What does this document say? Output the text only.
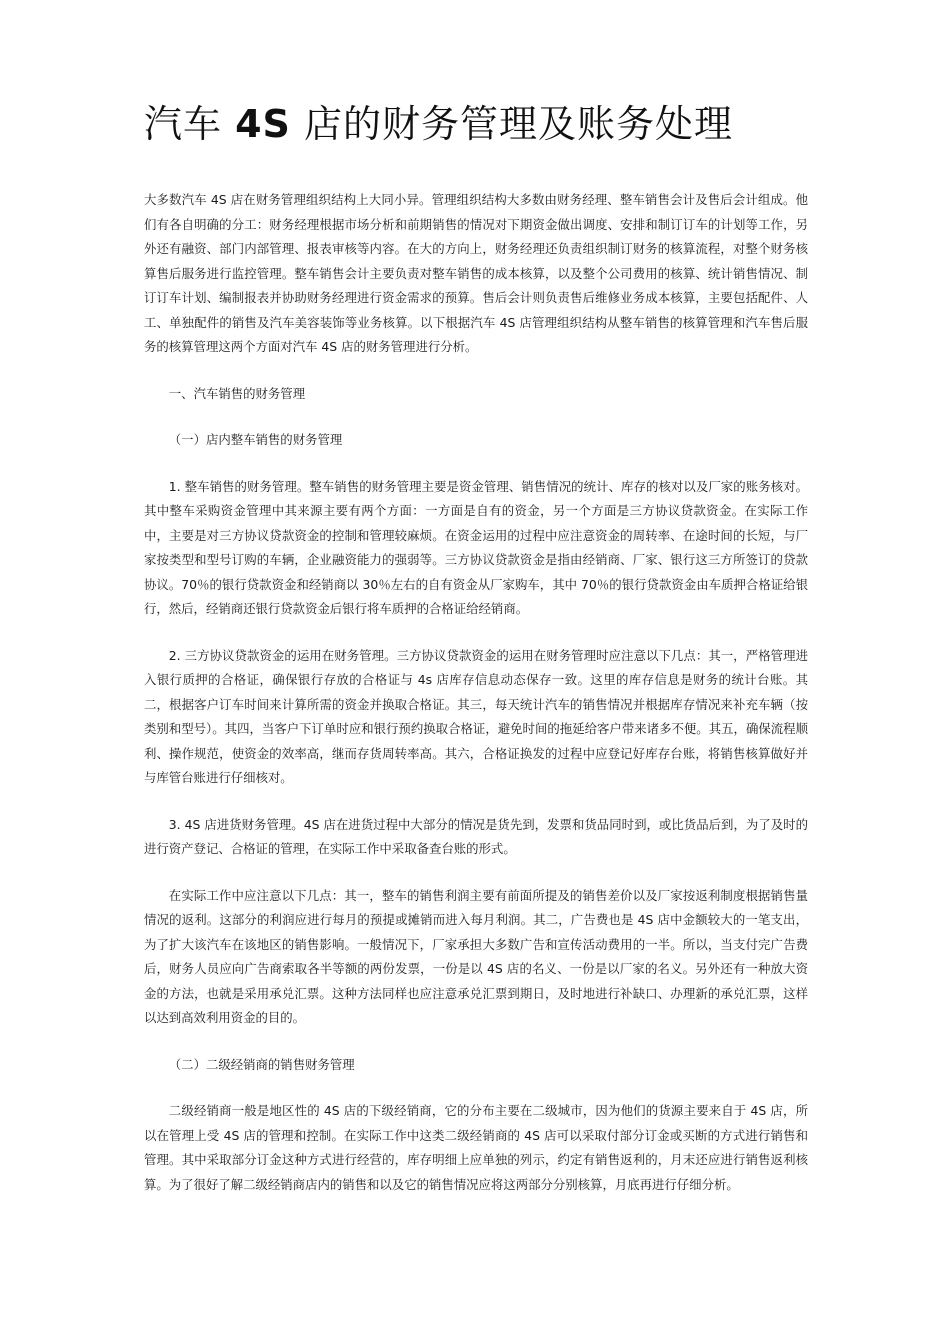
汽车 4S 店的财务管理及账务处理

大多数汽车 4S 店在财务管理组织结构上大同小异。管理组织结构大多数由财务经理、整车销售会计及售后会计组成。他们有各自明确的分工：财务经理根据市场分析和前期销售的情况对下期资金做出调度、安排和制订订车的计划等工作，另外还有融资、部门内部管理、报表审核等内容。在大的方向上，财务经理还负责组织制订财务的核算流程，对整个财务核算售后服务进行监控管理。整车销售会计主要负责对整车销售的成本核算，以及整个公司费用的核算、统计销售情况、制订订车计划、编制报表并协助财务经理进行资金需求的预算。售后会计则负责售后维修业务成本核算，主要包括配件、人工、单独配件的销售及汽车美容装饰等业务核算。以下根据汽车 4S 店管理组织结构从整车销售的核算管理和汽车售后服务的核算管理这两个方面对汽车 4S 店的财务管理进行分析。

一、汽车销售的财务管理

（一）店内整车销售的财务管理

1. 整车销售的财务管理。整车销售的财务管理主要是资金管理、销售情况的统计、库存的核对以及厂家的账务核对。其中整车采购资金管理中其来源主要有两个方面：一方面是自有的资金，另一个方面是三方协议贷款资金。在实际工作中，主要是对三方协议贷款资金的控制和管理较麻烦。在资金运用的过程中应注意资金的周转率、在途时间的长短，与厂家按类型和型号订购的车辆，企业融资能力的强弱等。三方协议贷款资金是指由经销商、厂家、银行这三方所签订的贷款协议。70％的银行贷款资金和经销商以 30％左右的自有资金从厂家购车，其中 70％的银行贷款资金由车质押合格证给银行，然后，经销商还银行贷款资金后银行将车质押的合格证给经销商。

2. 三方协议贷款资金的运用在财务管理。三方协议贷款资金的运用在财务管理时应注意以下几点：其一，严格管理进入银行质押的合格证，确保银行存放的合格证与 4s 店库存信息动态保存一致。这里的库存信息是财务的统计台账。其二，根据客户订车时间来计算所需的资金并换取合格证。其三，每天统计汽车的销售情况并根据库存情况来补充车辆（按类别和型号）。其四，当客户下订单时应和银行预约换取合格证，避免时间的拖延给客户带来诸多不便。其五，确保流程顺利、操作规范，使资金的效率高，继而存货周转率高。其六，合格证换发的过程中应登记好库存台账，将销售核算做好并与库管台账进行仔细核对。

3. 4S 店进货财务管理。4S 店在进货过程中大部分的情况是货先到，发票和货品同时到，或比货品后到，为了及时的进行资产登记、合格证的管理，在实际工作中采取备查台账的形式。

在实际工作中应注意以下几点：其一，整车的销售利润主要有前面所提及的销售差价以及厂家按返利制度根据销售量情况的返利。这部分的利润应进行每月的预提或摊销而进入每月利润。其二，广告费也是 4S 店中金额较大的一笔支出，为了扩大该汽车在该地区的销售影响。一般情况下，厂家承担大多数广告和宣传活动费用的一半。所以，当支付完广告费后，财务人员应向广告商索取各半等额的两份发票，一份是以 4S 店的名义、一份是以厂家的名义。另外还有一种放大资金的方法，也就是采用承兑汇票。这种方法同样也应注意承兑汇票到期日，及时地进行补缺口、办理新的承兑汇票，这样以达到高效利用资金的目的。

（二）二级经销商的销售财务管理

二级经销商一般是地区性的 4S 店的下级经销商，它的分布主要在二级城市，因为他们的货源主要来自于 4S 店，所以在管理上受 4S 店的管理和控制。在实际工作中这类二级经销商的 4S 店可以采取付部分订金或买断的方式进行销售和管理。其中采取部分订金这种方式进行经营的，库存明细上应单独的列示，约定有销售返利的，月末还应进行销售返利核算。为了很好了解二级经销商店内的销售和以及它的销售情况应将这两部分分别核算，月底再进行仔细分析。
